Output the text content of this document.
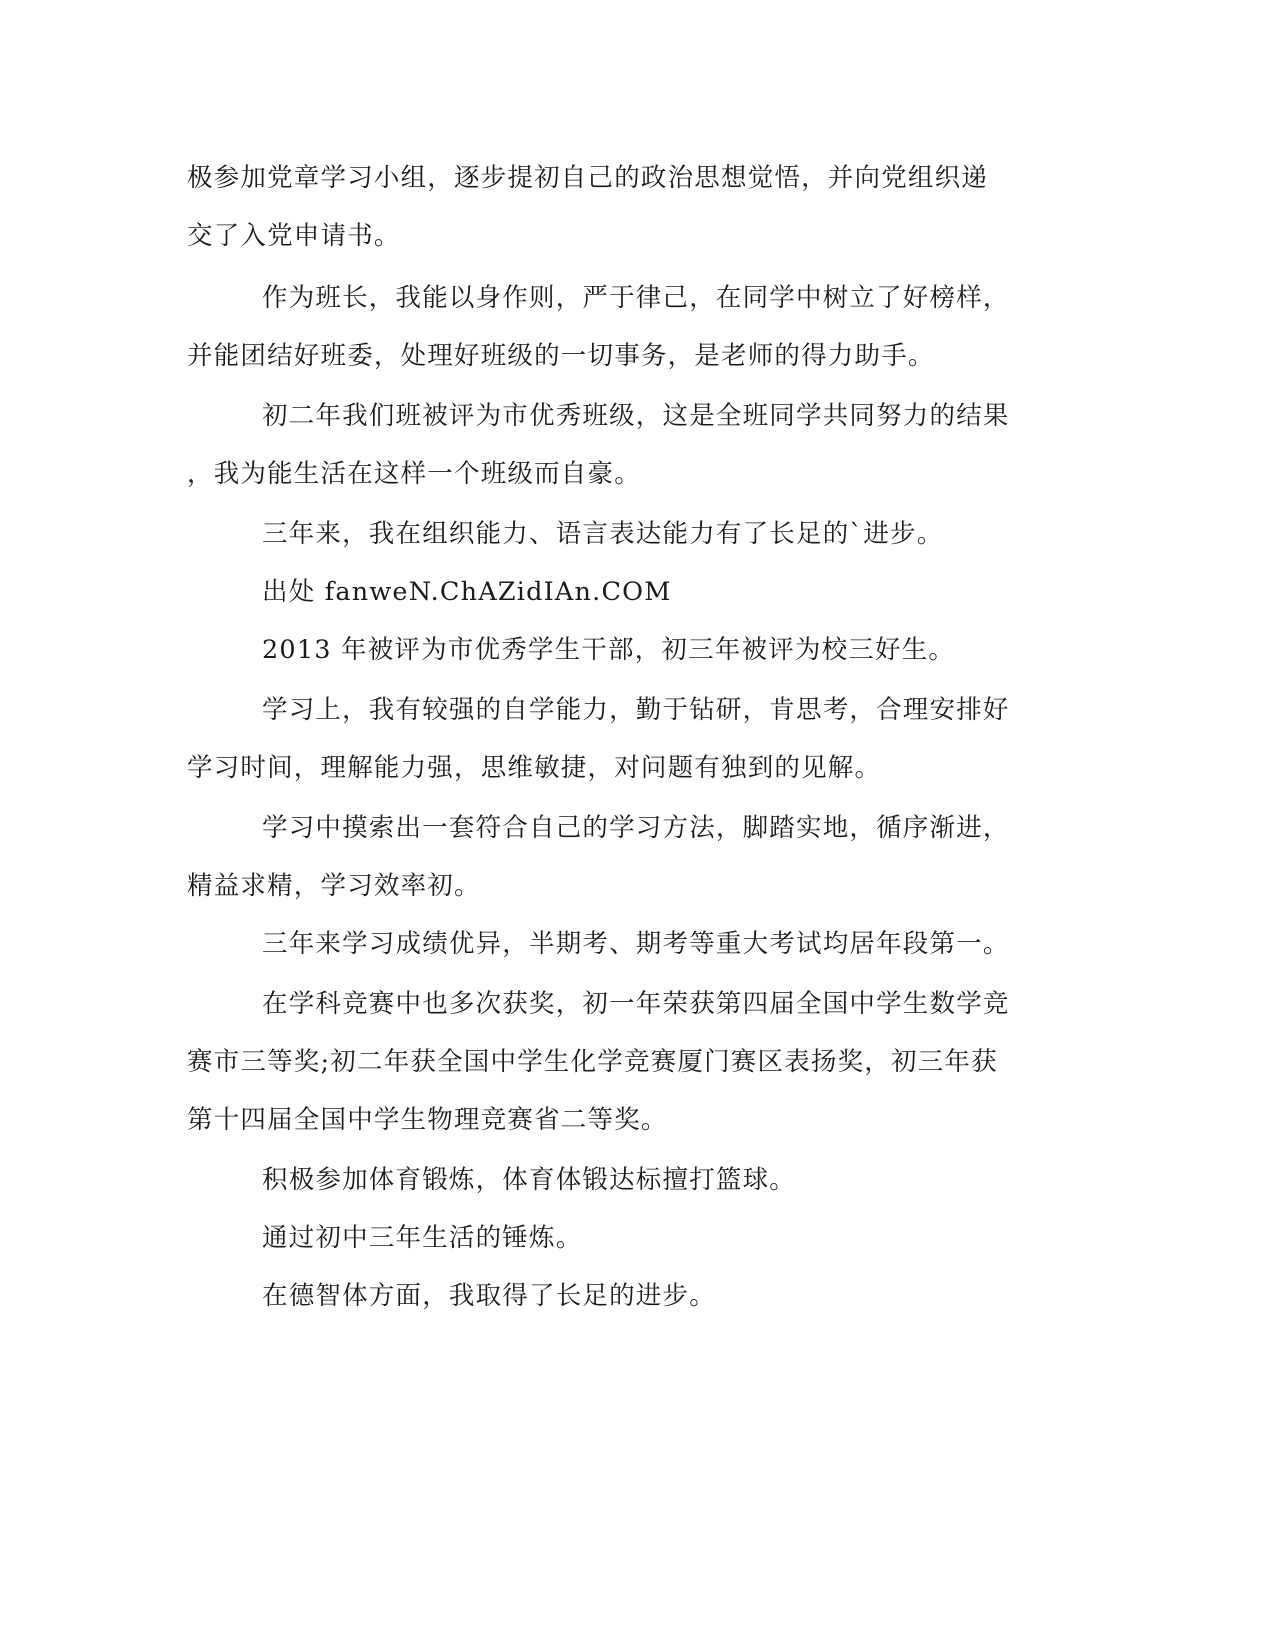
极参加党章学习小组，逐步提初自己的政治思想觉悟，并向党组织递
交了入党申请书。
作为班长，我能以身作则，严于律己，在同学中树立了好榜样，
并能团结好班委，处理好班级的一切事务，是老师的得力助手。
初二年我们班被评为市优秀班级，这是全班同学共同努力的结果
，我为能生活在这样一个班级而自豪。
三年来，我在组织能力、语言表达能力有了长足的`进步。
出处 fanweN.ChAZidIAn.COM
2013 年被评为市优秀学生干部，初三年被评为校三好生。
学习上，我有较强的自学能力，勤于钻研，肯思考，合理安排好
学习时间，理解能力强，思维敏捷，对问题有独到的见解。
学习中摸索出一套符合自己的学习方法，脚踏实地，循序渐进，
精益求精，学习效率初。
三年来学习成绩优异，半期考、期考等重大考试均居年段第一。
在学科竞赛中也多次获奖，初一年荣获第四届全国中学生数学竞
赛市三等奖;初二年获全国中学生化学竞赛厦门赛区表扬奖，初三年获
第十四届全国中学生物理竞赛省二等奖。
积极参加体育锻炼，体育体锻达标擅打篮球。
通过初中三年生活的锤炼。
在德智体方面，我取得了长足的进步。
